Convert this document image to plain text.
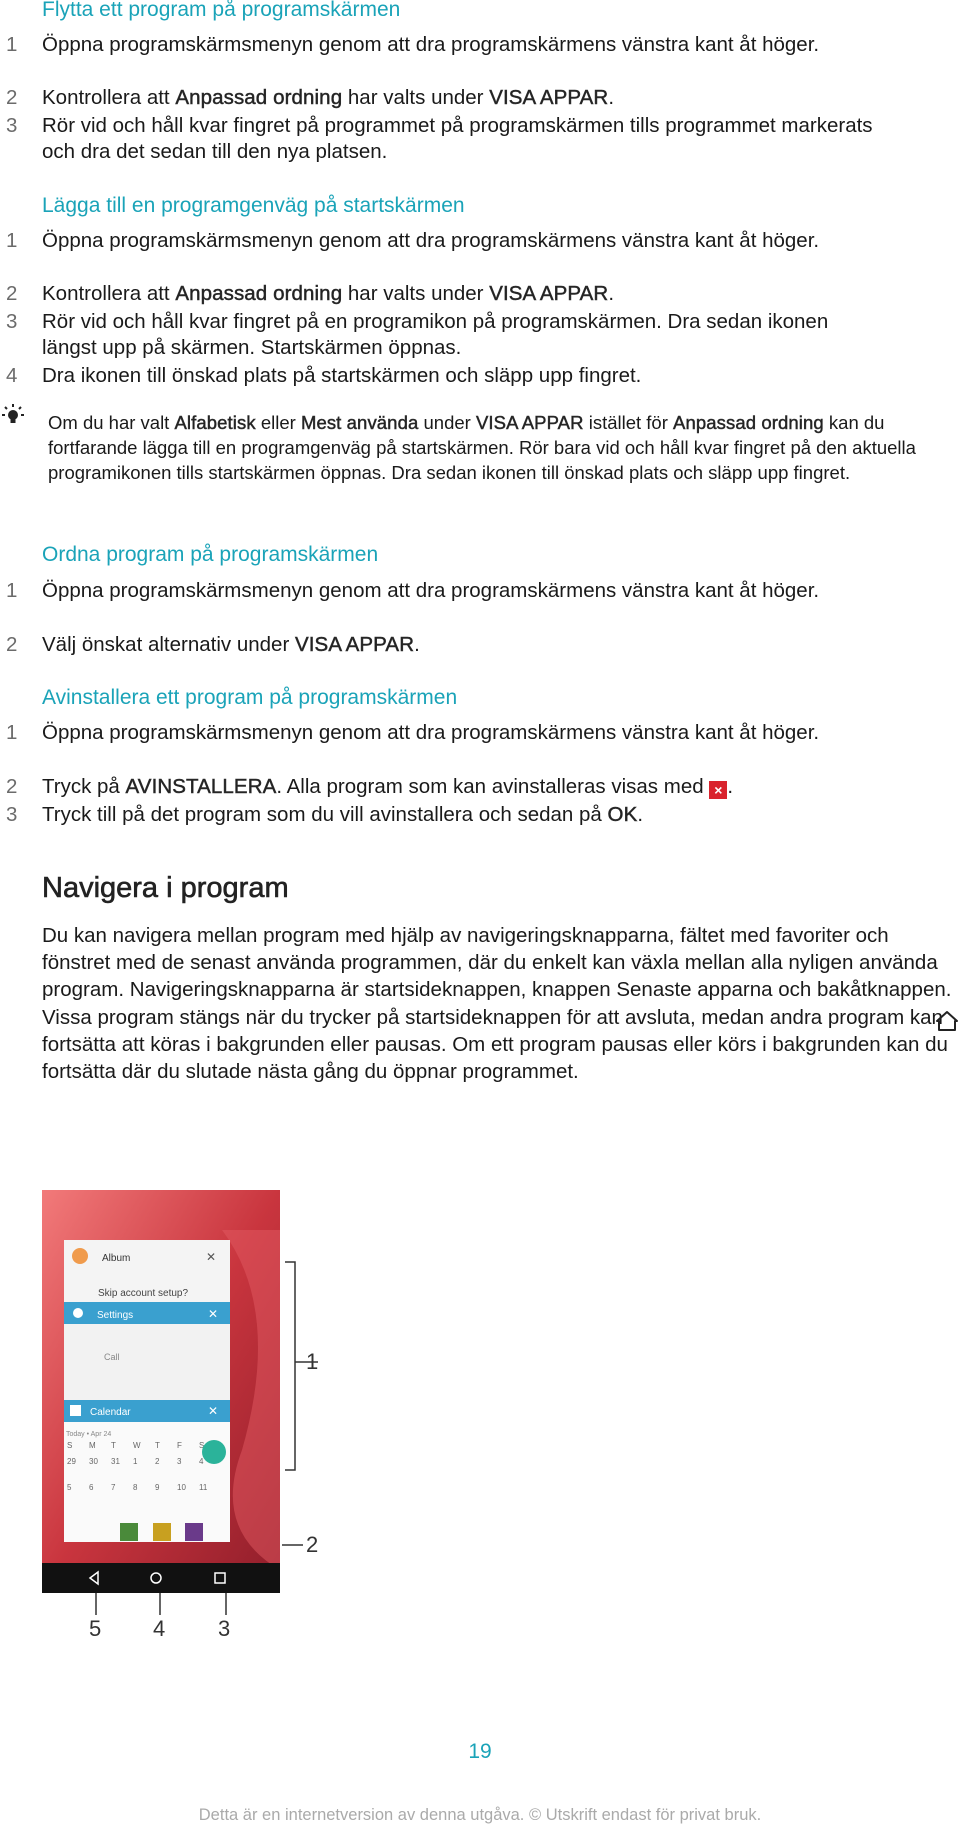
Flytta ett program på programskärmen
1	Öppna programskärmsmenyn genom att dra programskärmens vänstra kant åt höger.
2	Kontrollera att Anpassad ordning har valts under VISA APPAR.
3	Rör vid och håll kvar fingret på programmet på programskärmen tills programmet markerats och dra det sedan till den nya platsen.
Lägga till en programgenväg på startskärmen
1	Öppna programskärmsmenyn genom att dra programskärmens vänstra kant åt höger.
2	Kontrollera att Anpassad ordning har valts under VISA APPAR.
3	Rör vid och håll kvar fingret på en programikon på programskärmen. Dra sedan ikonen längst upp på skärmen. Startskärmen öppnas.
4	Dra ikonen till önskad plats på startskärmen och släpp upp fingret.

Om du har valt Alfabetisk eller Mest använda under VISA APPAR istället för Anpassad ordning kan du fortfarande lägga till en programgenväg på startskärmen. Rör bara vid och håll kvar fingret på den aktuella programikonen tills startskärmen öppnas. Dra sedan ikonen till önskad plats och släpp upp fingret.

Ordna program på programskärmen
1	Öppna programskärmsmenyn genom att dra programskärmens vänstra kant åt höger.
2	Välj önskat alternativ under VISA APPAR.
Avinstallera ett program på programskärmen
1	Öppna programskärmsmenyn genom att dra programskärmens vänstra kant åt höger.
2	Tryck på AVINSTALLERA. Alla program som kan avinstalleras visas med × .
3	Tryck till på det program som du vill avinstallera och sedan på OK.
Navigera i program

Du kan navigera mellan program med hjälp av navigeringsknapparna, fältet med favoriter och fönstret med de senast använda programmen, där du enkelt kan växla mellan alla nyligen använda program. Navigeringsknapparna är startsideknappen, knappen Senaste apparna och bakåtknappen. Vissa program stängs när du trycker på startsideknappen för att avsluta, medan andra program kan fortsätta att köras i bakgrunden eller pausas. Om ett program pausas eller körs i bakgrunden kan du fortsätta där du slutade nästa gång du öppnar programmet.

Album	✕
Skip account setup?
Settings	✕
Call
Calendar	✕
Today • Apr 24
S M T W T F S
29 30 31 1 2 3 4
5 6 7 8 9 10 11
1
2
3
4
5
19
Detta är en internetversion av denna utgåva. © Utskrift endast för privat bruk.
